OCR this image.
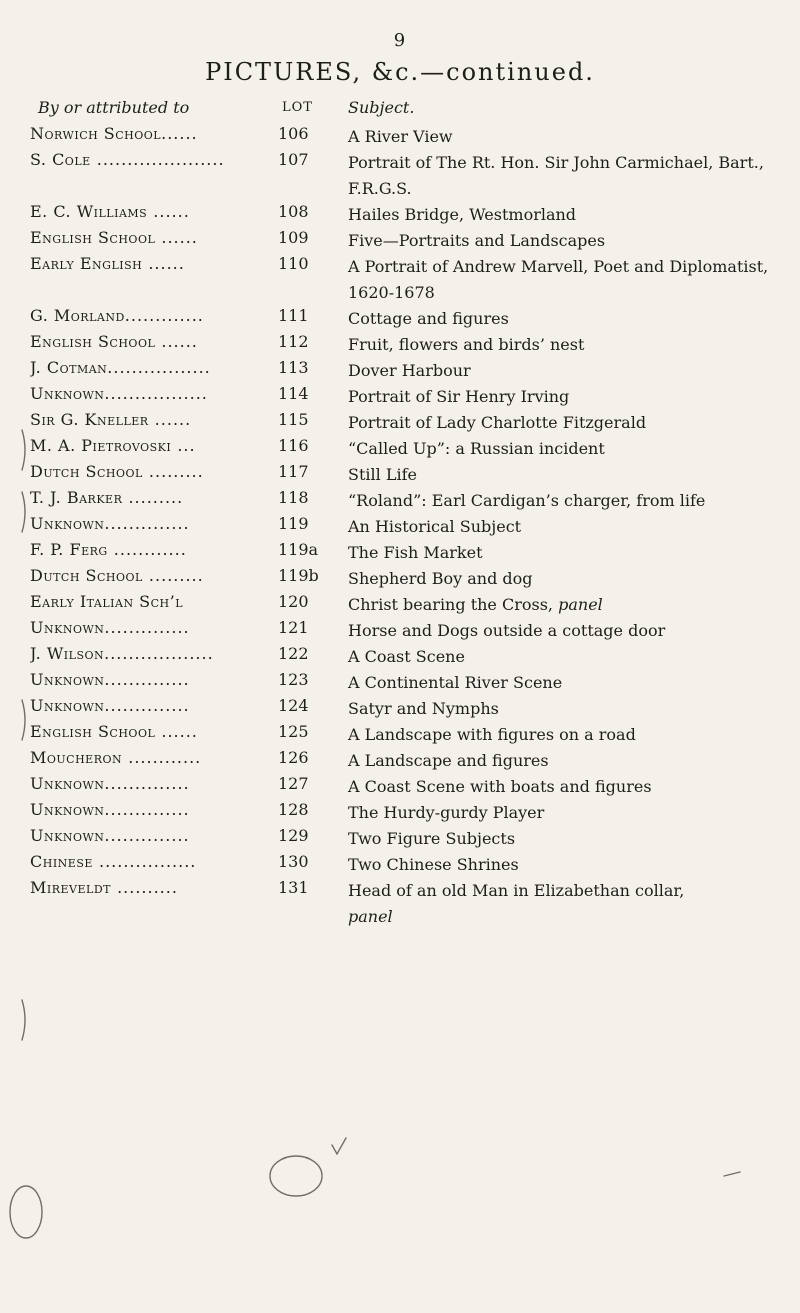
9
PICTURES, &c.—continued.
By or attributed to	LOT Subject.
Norwich School......	106	A River View
S. Cole .....................	107	Portrait of The Rt. Hon. Sir John Carmichael, Bart., F.R.G.S.
E. C. Williams ......	108	Hailes Bridge, Westmorland
English School ......	109	Five—Portraits and Landscapes
Early English ......	110	A Portrait of Andrew Marvell, Poet and Diplomatist, 1620-1678
G. Morland.............	111	Cottage and figures
English School ......	112	Fruit, flowers and birds’ nest
J. Cotman.................	113	Dover Harbour
Unknown.................	114	Portrait of Sir Henry Irving
Sir G. Kneller ......	115	Portrait of Lady Charlotte Fitzgerald
M. A. Pietrovoski ...	116	“Called Up”: a Russian incident
Dutch School .........	117	Still Life
T. J. Barker .........	118	“Roland”: Earl Cardigan’s charger, from life
Unknown..............	119	An Historical Subject
F. P. Ferg ............	119a	The Fish Market
Dutch School .........	119b	Shepherd Boy and dog
Early Italian Sch’l	120	Christ bearing the Cross, panel
Unknown..............	121	Horse and Dogs outside a cottage door
J. Wilson..................	122	A Coast Scene
Unknown..............	123	A Continental River Scene
Unknown..............	124	Satyr and Nymphs
English School ......	125	A Landscape with figures on a road
Moucheron ............	126	A Landscape and figures
Unknown..............	127	A Coast Scene with boats and figures
Unknown..............	128	The Hurdy-gurdy Player
Unknown..............	129	Two Figure Subjects
Chinese ................	130	Two Chinese Shrines
Mireveldt ..........	131	Head of an old Man in Elizabethan collar,
panel
